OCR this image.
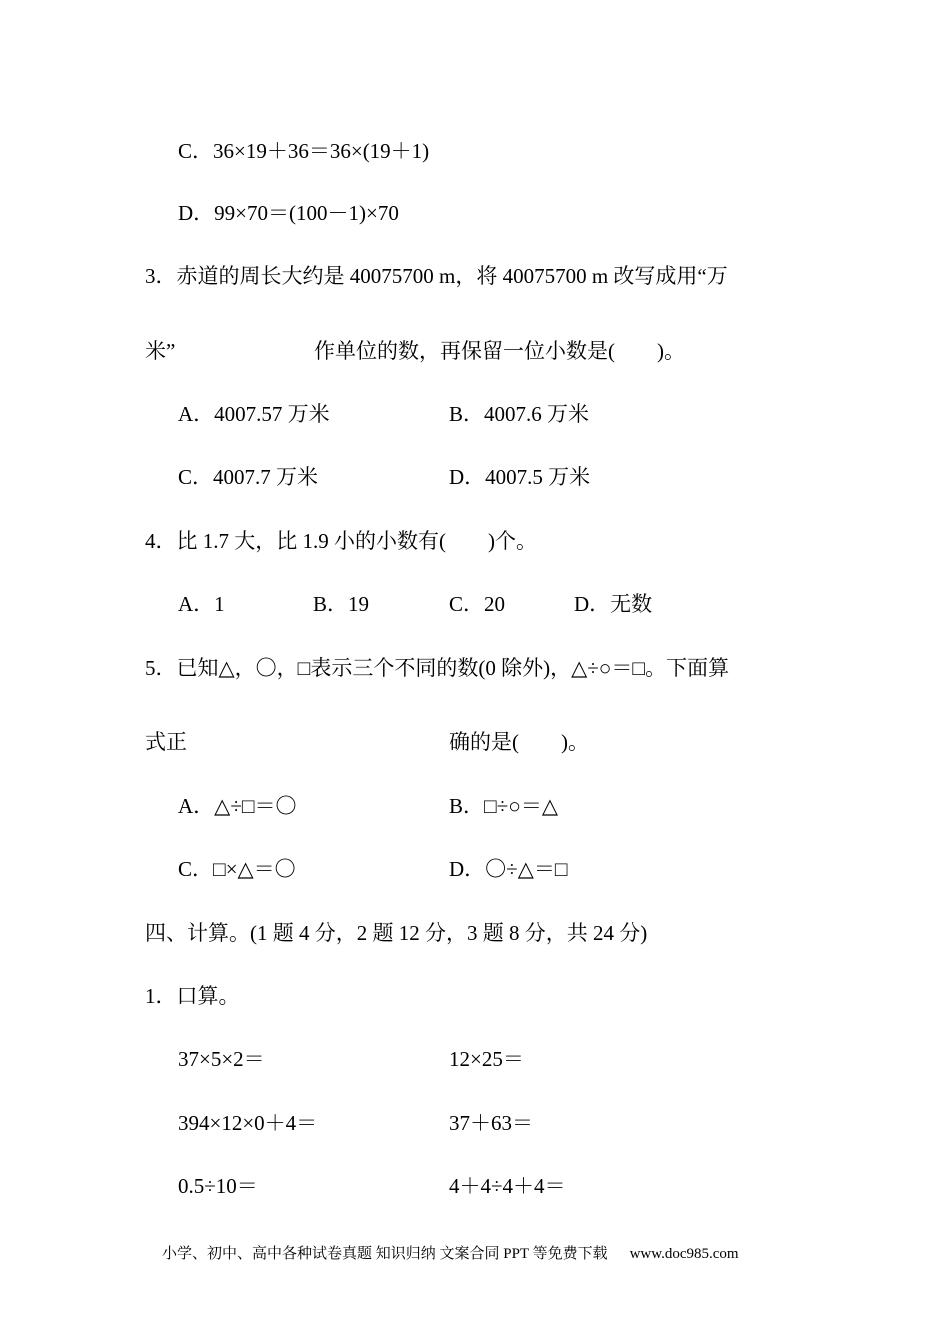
C．36×19＋36＝36×(19＋1)
D．99×70＝(100－1)×70
3．赤道的周长大约是 40075700 m，将 40075700 m 改写成用“万
米”	作单位的数，再保留一位小数是(　　)。
A．4007.57 万米	B．4007.6 万米
C．4007.7 万米	D．4007.5 万米
4．比 1.7 大，比 1.9 小的小数有(　　)个。
A．1	B．19	C．20	D．无数
5．已知△，〇，□表示三个不同的数(0 除外)，△÷○＝□。下面算
式正	确的是(　　)。
A．△÷□＝〇	B．□÷○＝△
C．□×△＝〇	D．〇÷△＝□
四、计算。(1 题 4 分，2 题 12 分，3 题 8 分，共 24 分)
1．口算。
37×5×2＝	12×25＝
394×12×0＋4＝	37＋63＝
0.5÷10＝	4＋4÷4＋4＝
小学、初中、高中各种试卷真题 知识归纳 文案合同 PPT 等免费下载 www.doc985.com
